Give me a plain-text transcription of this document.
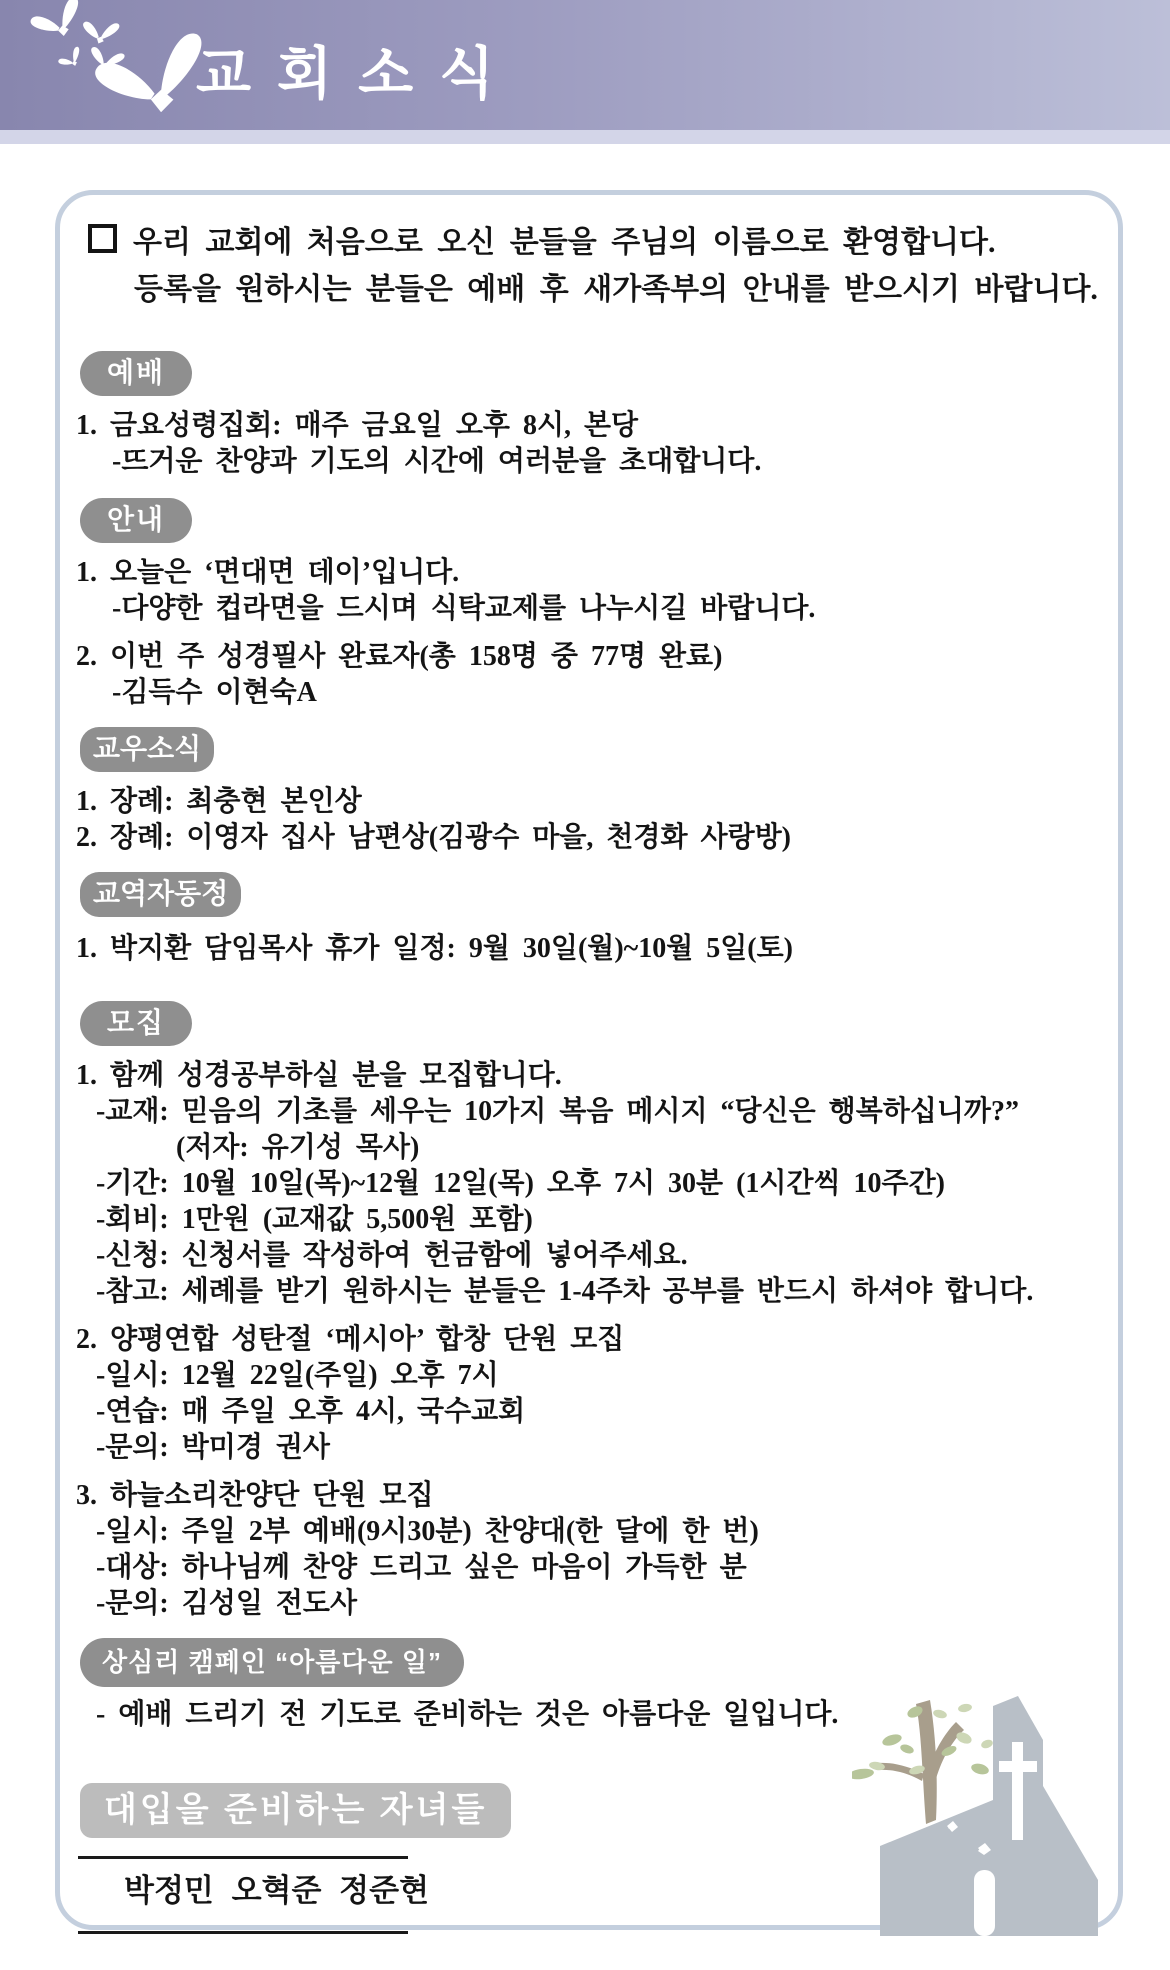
교회소식
우리 교회에 처음으로 오신 분들을 주님의 이름으로 환영합니다.
등록을 원하시는 분들은 예배 후 새가족부의 안내를 받으시기 바랍니다.
예배
1. 금요성령집회: 매주 금요일 오후 8시, 본당
-뜨거운 찬양과 기도의 시간에 여러분을 초대합니다.
안내
1. 오늘은 ‘면대면 데이’입니다.
-다양한 컵라면을 드시며 식탁교제를 나누시길 바랍니다.
2. 이번 주 성경필사 완료자(총 158명 중 77명 완료)
-김득수 이현숙A
교우소식
1. 장례: 최충현 본인상
2. 장례: 이영자 집사 남편상(김광수 마을, 천경화 사랑방)
교역자동정
1. 박지환 담임목사 휴가 일정: 9월 30일(월)~10월 5일(토)
모집
1. 함께 성경공부하실 분을 모집합니다.
-교재: 믿음의 기초를 세우는 10가지 복음 메시지 “당신은 행복하십니까?”
(저자: 유기성 목사)
-기간: 10월 10일(목)~12월 12일(목) 오후 7시 30분 (1시간씩 10주간)
-회비: 1만원 (교재값 5,500원 포함)
-신청: 신청서를 작성하여 헌금함에 넣어주세요.
-참고: 세례를 받기 원하시는 분들은 1-4주차 공부를 반드시 하셔야 합니다.
2. 양평연합 성탄절 ‘메시아’ 합창 단원 모집
-일시: 12월 22일(주일) 오후 7시
-연습: 매 주일 오후 4시, 국수교회
-문의: 박미경 권사
3. 하늘소리찬양단 단원 모집
-일시: 주일 2부 예배(9시30분) 찬양대(한 달에 한 번)
-대상: 하나님께 찬양 드리고 싶은 마음이 가득한 분
-문의: 김성일 전도사
상심리 캠페인 “아름다운 일”
- 예배 드리기 전 기도로 준비하는 것은 아름다운 일입니다.
대입을 준비하는 자녀들
박정민 오혁준 정준현
